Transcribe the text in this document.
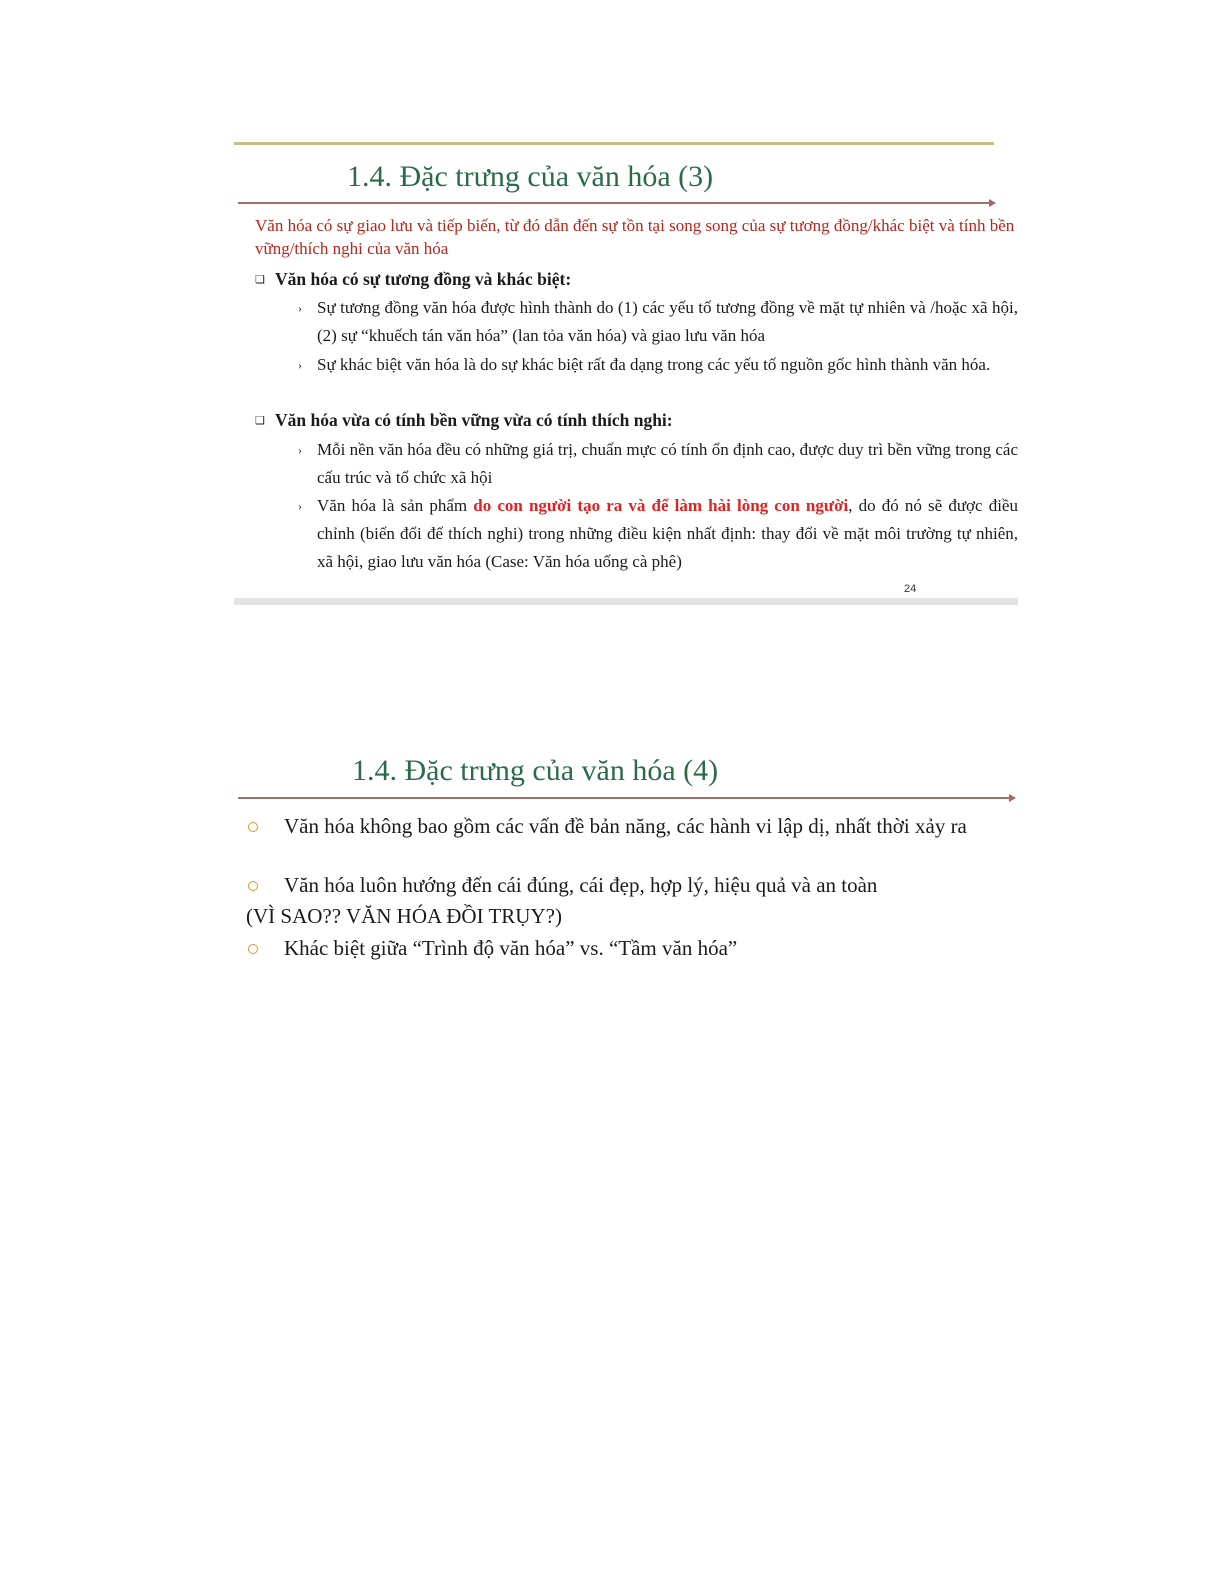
1.4. Đặc trưng của văn hóa (3)

Văn hóa có sự giao lưu và tiếp biến, từ đó dẫn đến sự tồn tại song song của sự tương đồng/khác biệt và tính bền vững/thích nghi của văn hóa

❑ Văn hóa có sự tương đồng và khác biệt:

› Sự tương đồng văn hóa được hình thành do (1) các yếu tố tương đồng về mặt tự nhiên và /hoặc xã hội, (2) sự “khuếch tán văn hóa” (lan tỏa văn hóa) và giao lưu văn hóa

› Sự khác biệt văn hóa là do sự khác biệt rất đa dạng trong các yếu tố nguồn gốc hình thành văn hóa.

❑ Văn hóa vừa có tính bền vững vừa có tính thích nghi:

› Mỗi nền văn hóa đều có những giá trị, chuẩn mực có tính ổn định cao, được duy trì bền vững trong các cấu trúc và tổ chức xã hội

› Văn hóa là sản phẩm do con người tạo ra và để làm hài lòng con người, do đó nó sẽ được điều chỉnh (biến đổi để thích nghi) trong những điều kiện nhất định: thay đổi về mặt môi trường tự nhiên, xã hội, giao lưu văn hóa (Case: Văn hóa uống cà phê)

24
1.4. Đặc trưng của văn hóa (4)

Văn hóa không bao gồm các vấn đề bản năng, các hành vi lập dị, nhất thời xảy ra

Văn hóa luôn hướng đến cái đúng, cái đẹp, hợp lý, hiệu quả và an toàn

(VÌ SAO?? VĂN HÓA ĐỒI TRỤY?)

Khác biệt giữa “Trình độ văn hóa” vs. “Tầm văn hóa”
